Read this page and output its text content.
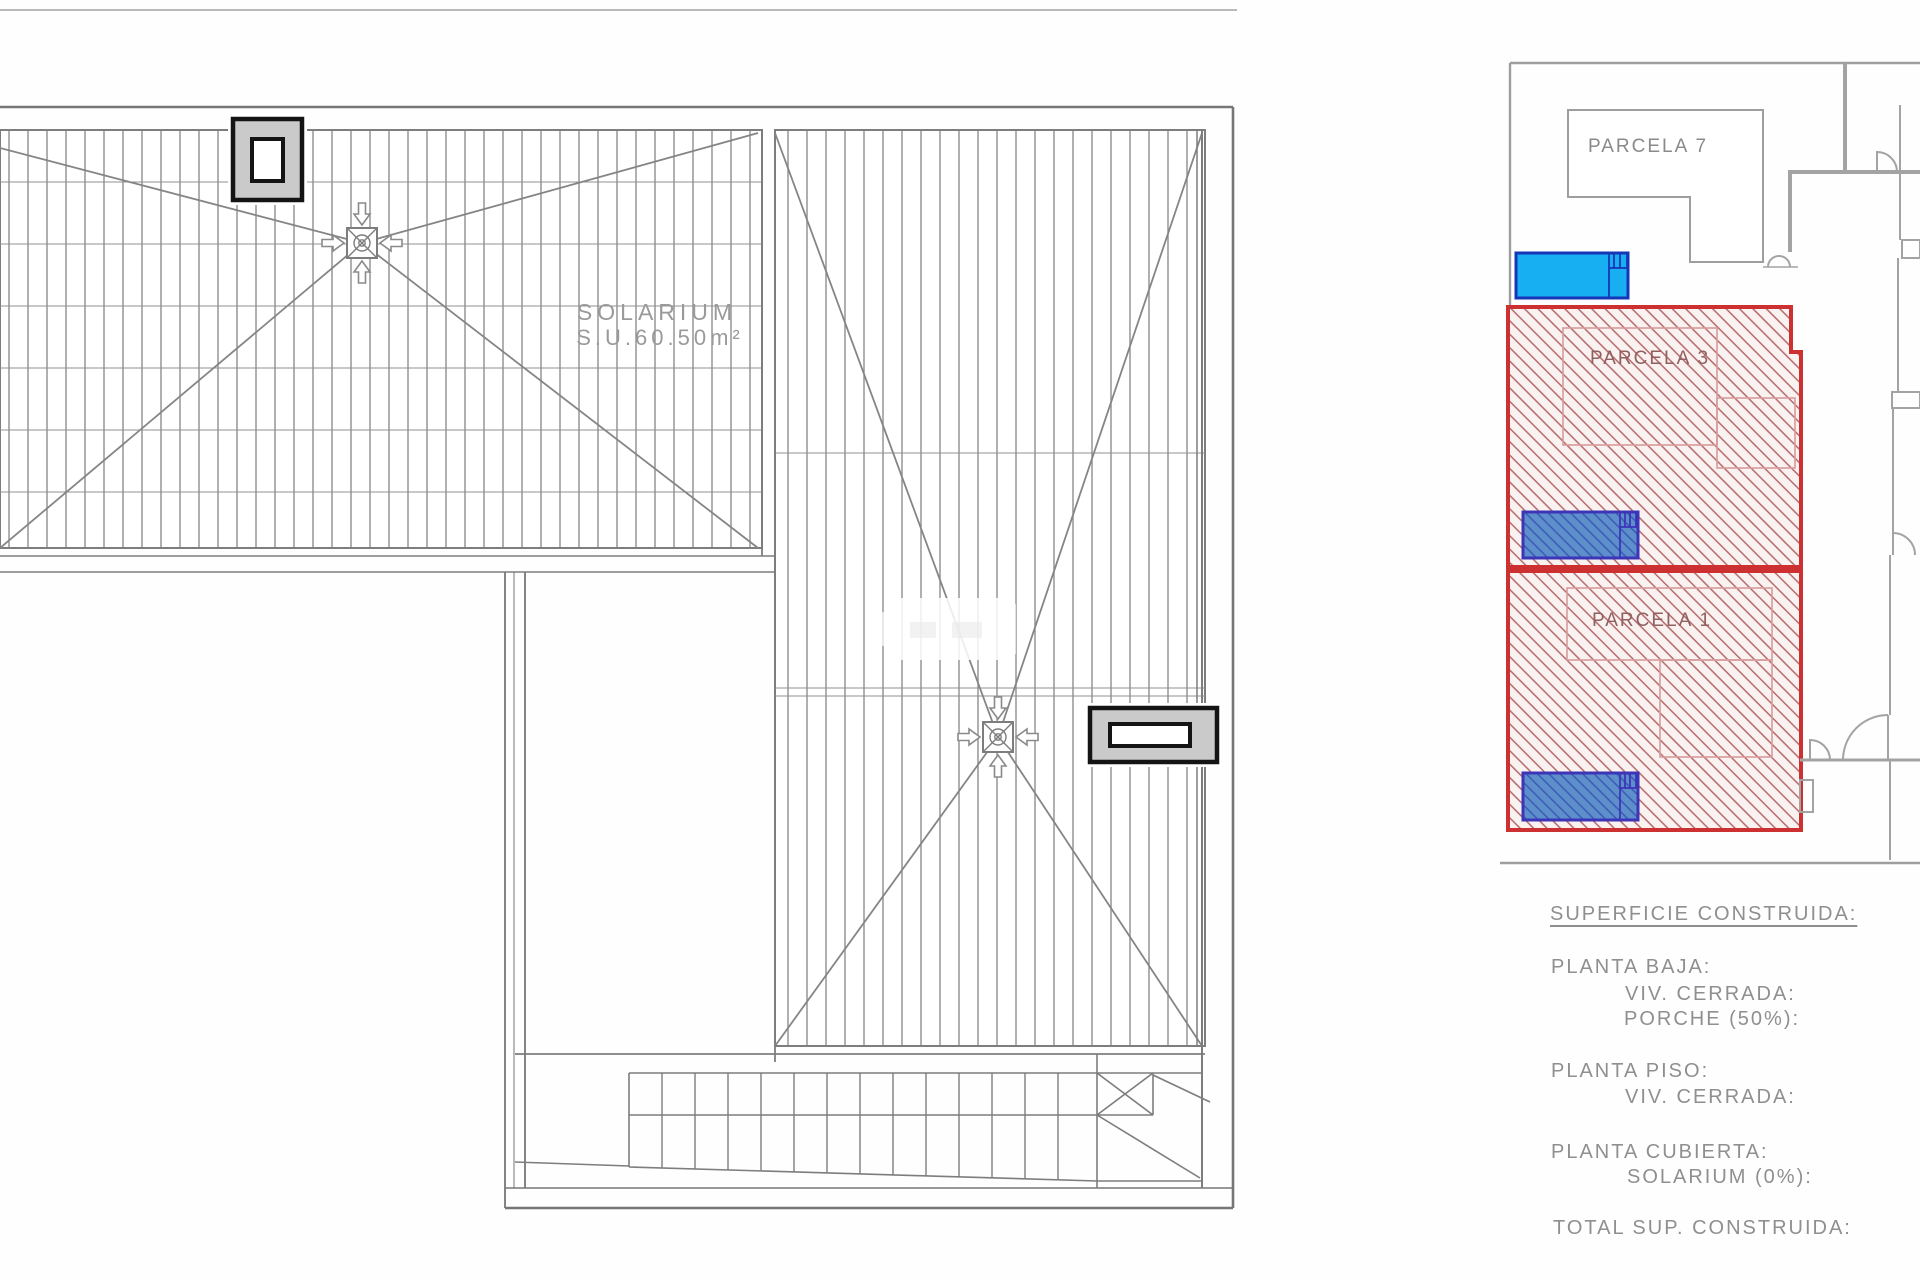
SOLARIUM
S.U.60.50m²
PARCELA 7
PARCELA 3
PARCELA 1
SUPERFICIE CONSTRUIDA:
PLANTA BAJA:
VIV. CERRADA:
PORCHE (50%):
PLANTA PISO:
VIV. CERRADA:
PLANTA CUBIERTA:
SOLARIUM (0%):
TOTAL SUP. CONSTRUIDA:
